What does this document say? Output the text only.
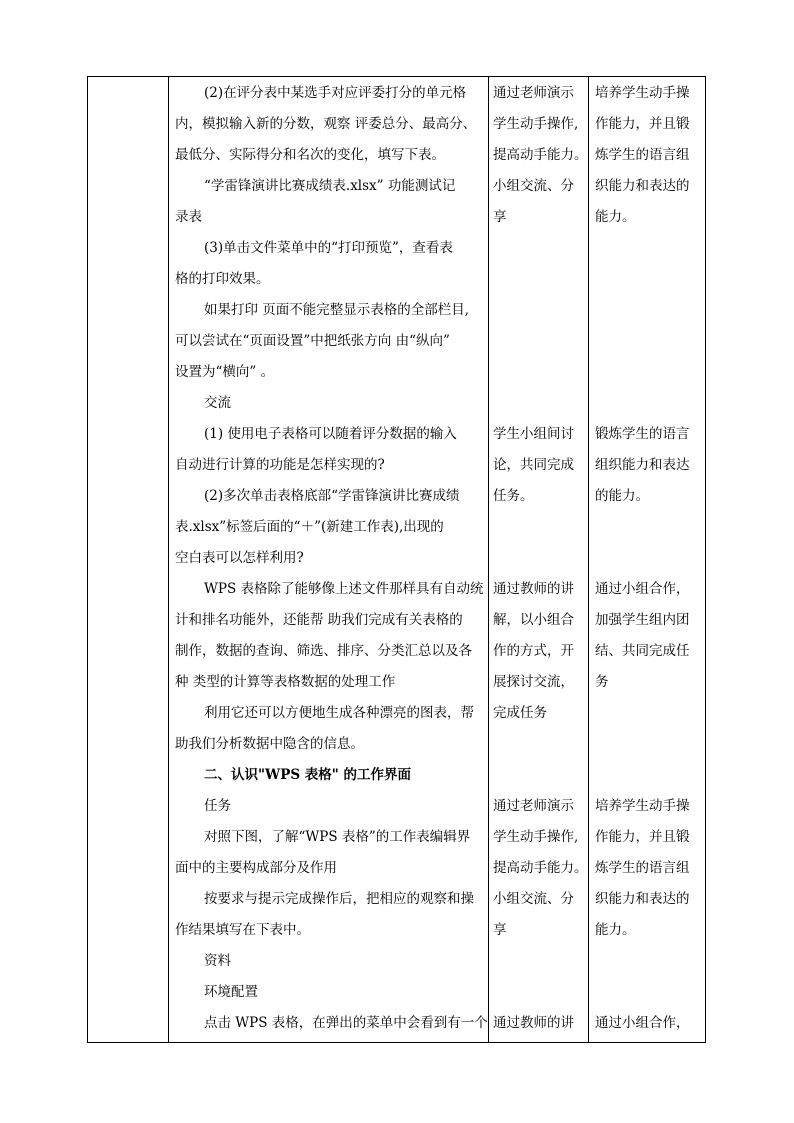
(2)在评分表中某选手对应评委打分的单元格
内，模拟输入新的分数，观察 评委总分、最高分、
最低分、实际得分和名次的变化，填写下表。
“学雷锋演讲比赛成绩表.xlsx” 功能测试记
录表
(3)单击文件菜单中的“打印预览”，查看表
格的打印效果。
如果打印 页面不能完整显示表格的全部栏目,
可以尝试在“页面设置”中把纸张方向 由“纵向”
设置为“横向” 。
交流
(1) 使用电子表格可以随着评分数据的输入
自动进行计算的功能是怎样实现的?
(2)多次单击表格底部“学雷锋演讲比赛成绩
表.xlsx”标签后面的“＋”(新建工作表),出现的
空白表可以怎样利用?
WPS 表格除了能够像上述文件那样具有自动统
计和排名功能外，还能帮 助我们完成有关表格的
制作，数据的查询、筛选、排序、分类汇总以及各
种 类型的计算等表格数据的处理工作
利用它还可以方便地生成各种漂亮的图表，帮
助我们分析数据中隐含的信息。
二、认识"WPS 表格" 的工作界面
任务
对照下图，了解“WPS 表格”的工作表编辑界
面中的主要构成部分及作用
按要求与提示完成操作后，把相应的观察和操
作结果填写在下表中。
资料
环境配置
点击 WPS 表格，在弹出的菜单中会看到有一个
通过老师演示
学生动手操作,
提高动手能力。
小组交流、分
享
学生小组间讨
论，共同完成
任务。
通过教师的讲
解，以小组合
作的方式，开
展探讨交流，
完成任务
通过老师演示
学生动手操作,
提高动手能力。
小组交流、分
享
通过教师的讲
培养学生动手操
作能力，并且锻
炼学生的语言组
织能力和表达的
能力。
锻炼学生的语言
组织能力和表达
的能力。
通过小组合作，
加强学生组内团
结、共同完成任
务
培养学生动手操
作能力，并且锻
炼学生的语言组
织能力和表达的
能力。
通过小组合作，
